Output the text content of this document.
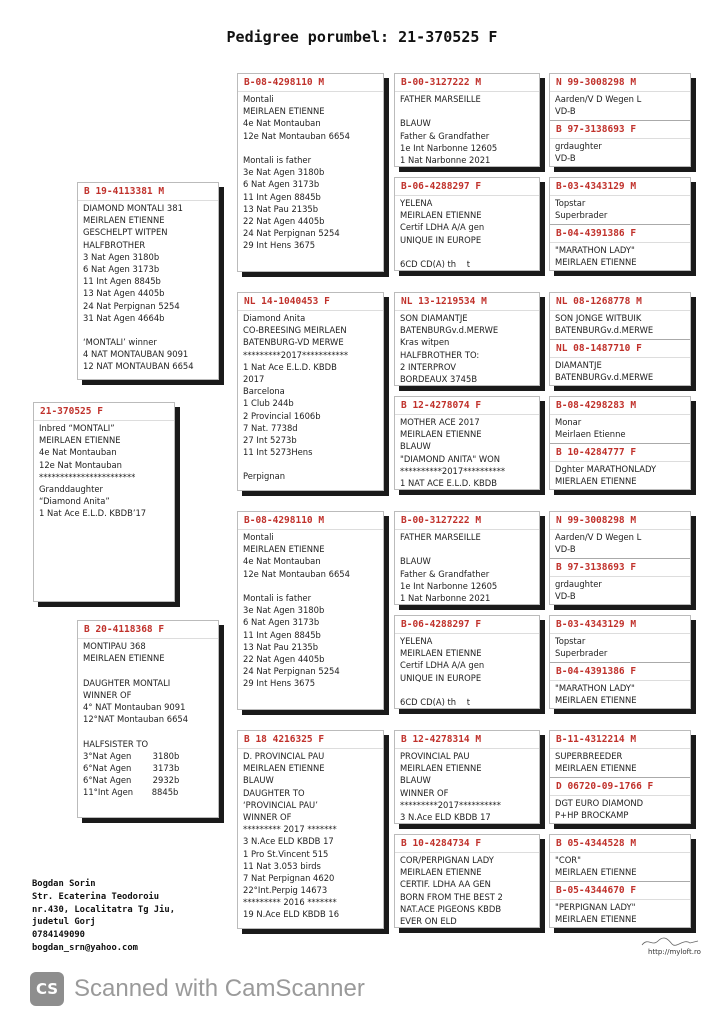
Pedigree porumbel: 21-370525 F
21-370525 F
Inbred “MONTALI”
MEIRLAEN ETIENNE
4e Nat Montauban
12e Nat Montauban
***********************
Granddaughter
“Diamond Anita”
1 Nat Ace E.L.D. KBDB’17
B 19-4113381 M
DIAMOND MONTALI 381
MEIRLAEN ETIENNE
GESCHELPT WITPEN
HALFBROTHER
3 Nat Agen 3180b
6 Nat Agen 3173b
11 Int Agen 8845b
13 Nat Agen 4405b
24 Nat Perpignan 5254
31 Nat Agen 4664b
‘MONTALI’ winner
4 NAT MONTAUBAN 9091
12 NAT MONTAUBAN 6654
B 20-4118368 F
MONTIPAU 368
MEIRLAEN ETIENNE
DAUGHTER MONTALI
WINNER OF
4° NAT Montauban 9091
12°NAT Montauban 6654
HALFSISTER TO
3°Nat Agen        3180b
6°Nat Agen        3173b
6°Nat Agen        2932b
11°Int Agen       8845b
B-08-4298110 M
Montali
MEIRLAEN ETIENNE
4e Nat Montauban
12e Nat Montauban 6654
Montali is father
3e Nat Agen 3180b
6 Nat Agen 3173b
11 Int Agen 8845b
13 Nat Pau 2135b
22 Nat Agen 4405b
24 Nat Perpignan 5254
29 Int Hens 3675
NL 14-1040453 F
Diamond Anita
CO-BREESING MEIRLAEN
BATENBURG-VD MERWE
*********2017***********
1 Nat Ace E.L.D. KBDB
2017
Barcelona
1 Club 244b
2 Provincial 1606b
7 Nat. 7738d
27 Int 5273b
11 Int 5273Hens
Perpignan
B-08-4298110 M
Montali
MEIRLAEN ETIENNE
4e Nat Montauban
12e Nat Montauban 6654
Montali is father
3e Nat Agen 3180b
6 Nat Agen 3173b
11 Int Agen 8845b
13 Nat Pau 2135b
22 Nat Agen 4405b
24 Nat Perpignan 5254
29 Int Hens 3675
B 18 4216325 F
D. PROVINCIAL PAU
MEIRLAEN ETIENNE
BLAUW
DAUGHTER TO
‘PROVINCIAL PAU’
WINNER OF
********* 2017 *******
3 N.Ace ELD KBDB 17
1 Pro St.Vincent 515
11 Nat 3.053 birds
7 Nat Perpignan 4620
22°Int.Perpig 14673
********* 2016 *******
19 N.Ace ELD KBDB 16
B-00-3127222 M
FATHER MARSEILLE
BLAUW
Father & Grandfather
1e Int Narbonne 12605
1 Nat Narbonne 2021
B-06-4288297 F
YELENA
MEIRLAEN ETIENNE
Certif LDHA A/A gen
UNIQUE IN EUROPE
6CD CD(A) th    t
NL 13-1219534 M
SON DIAMANTJE
BATENBURGv.d.MERWE
Kras witpen
HALFBROTHER TO:
2 INTERPROV
BORDEAUX 3745B
B 12-4278074 F
MOTHER ACE 2017
MEIRLAEN ETIENNE
BLAUW
"DIAMOND ANITA" WON
**********2017**********
1 NAT ACE E.L.D. KBDB
B-00-3127222 M
FATHER MARSEILLE
BLAUW
Father & Grandfather
1e Int Narbonne 12605
1 Nat Narbonne 2021
B-06-4288297 F
YELENA
MEIRLAEN ETIENNE
Certif LDHA A/A gen
UNIQUE IN EUROPE
6CD CD(A) th    t
B 12-4278314 M
PROVINCIAL PAU
MEIRLAEN ETIENNE
BLAUW
WINNER OF
*********2017**********
3 N.Ace ELD KBDB 17
B 10-4284734 F
COR/PERPIGNAN LADY
MEIRLAEN ETIENNE
CERTIF. LDHA AA GEN
BORN FROM THE BEST 2
NAT.ACE PIGEONS KBDB
EVER ON ELD
N 99-3008298 M
Aarden/V D Wegen L
VD-B
B 97-3138693 F
grdaughter
VD-B
B-03-4343129 M
Topstar
Superbrader
B-04-4391386 F
"MARATHON LADY"
MEIRLAEN ETIENNE
NL 08-1268778 M
SON JONGE WITBUIK
BATENBURGv.d.MERWE
NL 08-1487710 F
DIAMANTJE
BATENBURGv.d.MERWE
B-08-4298283 M
Monar
Meirlaen Etienne
B 10-4284777 F
Dghter MARATHONLADY
MIERLAEN ETIENNE
N 99-3008298 M
Aarden/V D Wegen L
VD-B
B 97-3138693 F
grdaughter
VD-B
B-03-4343129 M
Topstar
Superbrader
B-04-4391386 F
"MARATHON LADY"
MEIRLAEN ETIENNE
B-11-4312214 M
SUPERBREEDER
MEIRLAEN ETIENNE
D 06720-09-1766 F
DGT EURO DIAMOND
P+HP BROCKAMP
B 05-4344528 M
"COR"
MEIRLAEN ETIENNE
B-05-4344670 F
"PERPIGNAN LADY"
MEIRLAEN ETIENNE
Bogdan Sorin
Str. Ecaterina Teodoroiu
nr.430, Localitatra Tg Jiu,
judetul Gorj
0784149090
bogdan_srn@yahoo.com	http://myloft.ro
CS Scanned with CamScanner
